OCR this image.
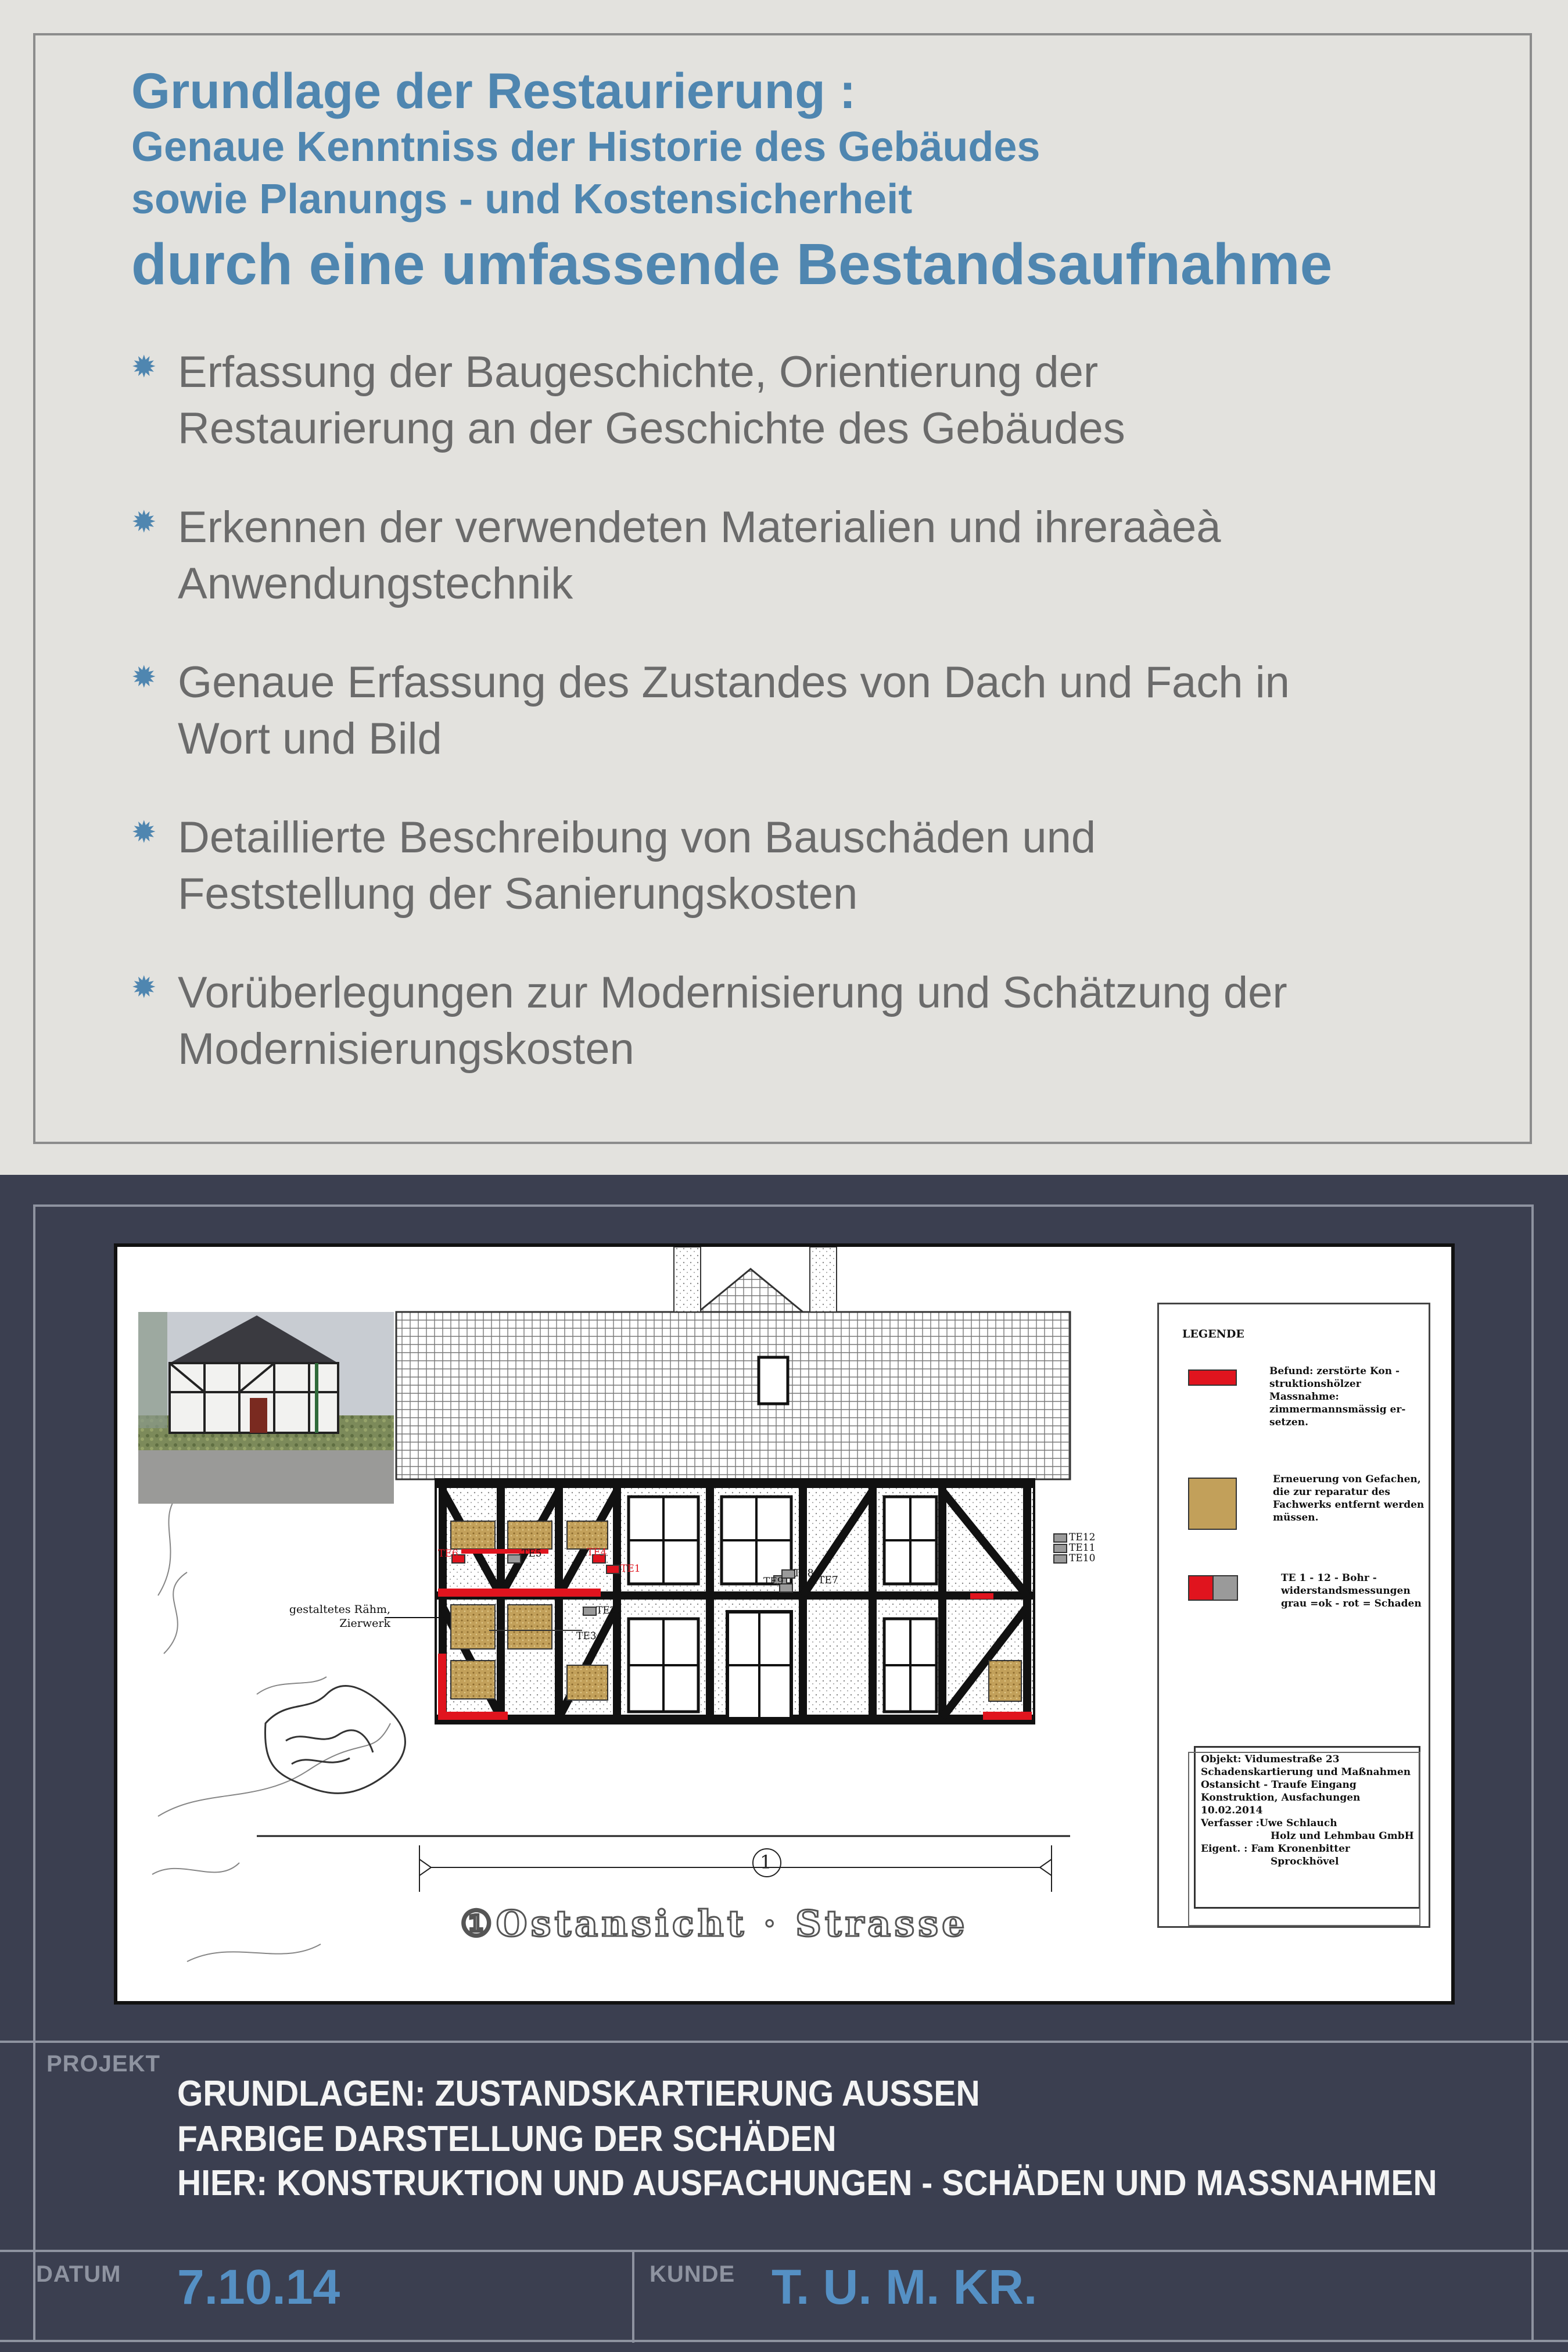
Grundlage der Restaurierung :
Genaue Kenntniss der Historie des Gebäudes
sowie Planungs - und Kostensicherheit
durch eine umfassende Bestandsaufnahme
✹ Erfassung der Baugeschichte, Orientierung der
Restaurierung an der Geschichte des Gebäudes
✹ Erkennen der verwendeten Materialien und ihreraàeà
Anwendungstechnik
✹ Genaue Erfassung des Zustandes von Dach und Fach in
Wort und Bild
✹ Detaillierte Beschreibung von Bauschäden und
Feststellung der Sanierungskosten
✹ Vorüberlegungen zur Modernisierung und Schätzung der
Modernisierungskosten
1
①Ostansicht · Strasse
gestaltetes Rähm,
Zierwerk
TE6	TE5	TE4
TE1
TE2
TE3
TE8
TE9	TE7
TE12
TE11
TE10
LEGENDE
Befund: zerstörte Kon -
struktionshölzer
Massnahme:
zimmermannsmässig er-
setzen.
Erneuerung von Gefachen,
die zur reparatur des
Fachwerks entfernt werden
müssen.
TE 1 - 12 - Bohr -
widerstandsmessungen
grau =ok - rot = Schaden
Objekt: Vidumestraße 23
Schadenskartierung und Maßnahmen
Ostansicht - Traufe Eingang
Konstruktion, Ausfachungen
10.02.2014
Verfasser :Uwe Schlauch
Holz und Lehmbau GmbH
Eigent. : Fam Kronenbitter
Sprockhövel
PROJEKT
GRUNDLAGEN: ZUSTANDSKARTIERUNG AUSSEN
FARBIGE DARSTELLUNG DER SCHÄDEN
HIER: KONSTRUKTION UND AUSFACHUNGEN - SCHÄDEN UND MASSNAHMEN
DATUM 7.10.14	KUNDE T. U. M. KR.
